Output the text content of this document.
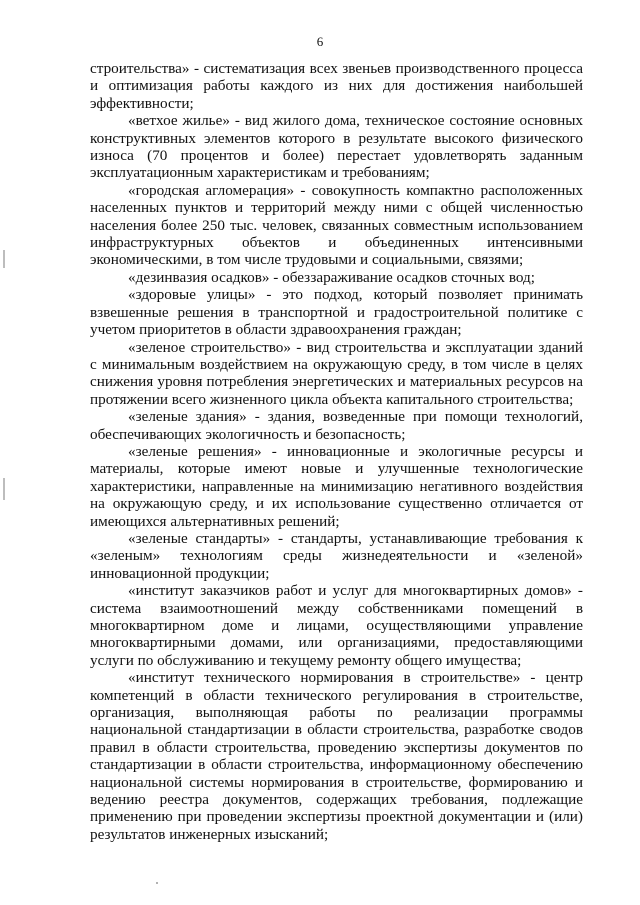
6

строительства» - систематизация всех звеньев производственного процесса и оптимизация работы каждого из них для достижения наибольшей эффективности;

«ветхое жилье» - вид жилого дома, техническое состояние основных конструктивных элементов которого в результате высокого физического износа (70 процентов и более) перестает удовлетворять заданным эксплуатационным характеристикам и требованиям;

«городская агломерация» - совокупность компактно расположенных населенных пунктов и территорий между ними с общей численностью населения более 250 тыс. человек, связанных совместным использованием инфраструктурных объектов и объединенных интенсивными экономическими, в том числе трудовыми и социальными, связями;

«дезинвазия осадков» - обеззараживание осадков сточных вод;

«здоровые улицы» - это подход, который позволяет принимать взвешенные решения в транспортной и градостроительной политике с учетом приоритетов в области здравоохранения граждан;

«зеленое строительство» - вид строительства и эксплуатации зданий с минимальным воздействием на окружающую среду, в том числе в целях снижения уровня потребления энергетических и материальных ресурсов на протяжении всего жизненного цикла объекта капитального строительства;

«зеленые здания» - здания, возведенные при помощи технологий, обеспечивающих экологичность и безопасность;

«зеленые решения» - инновационные и экологичные ресурсы и материалы, которые имеют новые и улучшенные технологические характеристики, направленные на минимизацию негативного воздействия на окружающую среду, и их использование существенно отличается от имеющихся альтернативных решений;

«зеленые стандарты» - стандарты, устанавливающие требования к «зеленым» технологиям среды жизнедеятельности и «зеленой» инновационной продукции;

«институт заказчиков работ и услуг для многоквартирных домов» - система взаимоотношений между собственниками помещений в многоквартирном доме и лицами, осуществляющими управление многоквартирными домами, или организациями, предоставляющими услуги по обслуживанию и текущему ремонту общего имущества;

«институт технического нормирования в строительстве» - центр компетенций в области технического регулирования в строительстве, организация, выполняющая работы по реализации программы национальной стандартизации в области строительства, разработке сводов правил в области строительства, проведению экспертизы документов по стандартизации в области строительства, информационному обеспечению национальной системы нормирования в строительстве, формированию и ведению реестра документов, содержащих требования, подлежащие применению при проведении экспертизы проектной документации и (или) результатов инженерных изысканий;
